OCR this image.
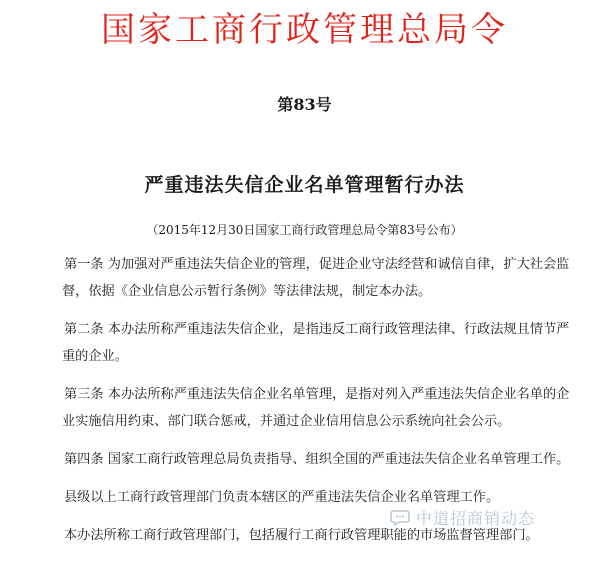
国家工商行政管理总局令
第83号
严重违法失信企业名单管理暂行办法
（2015年12月30日国家工商行政管理总局令第83号公布）
第一条 为加强对严重违法失信企业的管理，促进企业守法经营和诚信自律，扩大社会监
督，依据《企业信息公示暂行条例》等法律法规，制定本办法。
第二条 本办法所称严重违法失信企业，是指违反工商行政管理法律、行政法规且情节严
重的企业。
第三条 本办法所称严重违法失信企业名单管理，是指对列入严重违法失信企业名单的企
业实施信用约束、部门联合惩戒，并通过企业信用信息公示系统向社会公示。
第四条 国家工商行政管理总局负责指导、组织全国的严重违法失信企业名单管理工作。
县级以上工商行政管理部门负责本辖区的严重违法失信企业名单管理工作。
本办法所称工商行政管理部门，包括履行工商行政管理职能的市场监督管理部门。
中道招商销动态
